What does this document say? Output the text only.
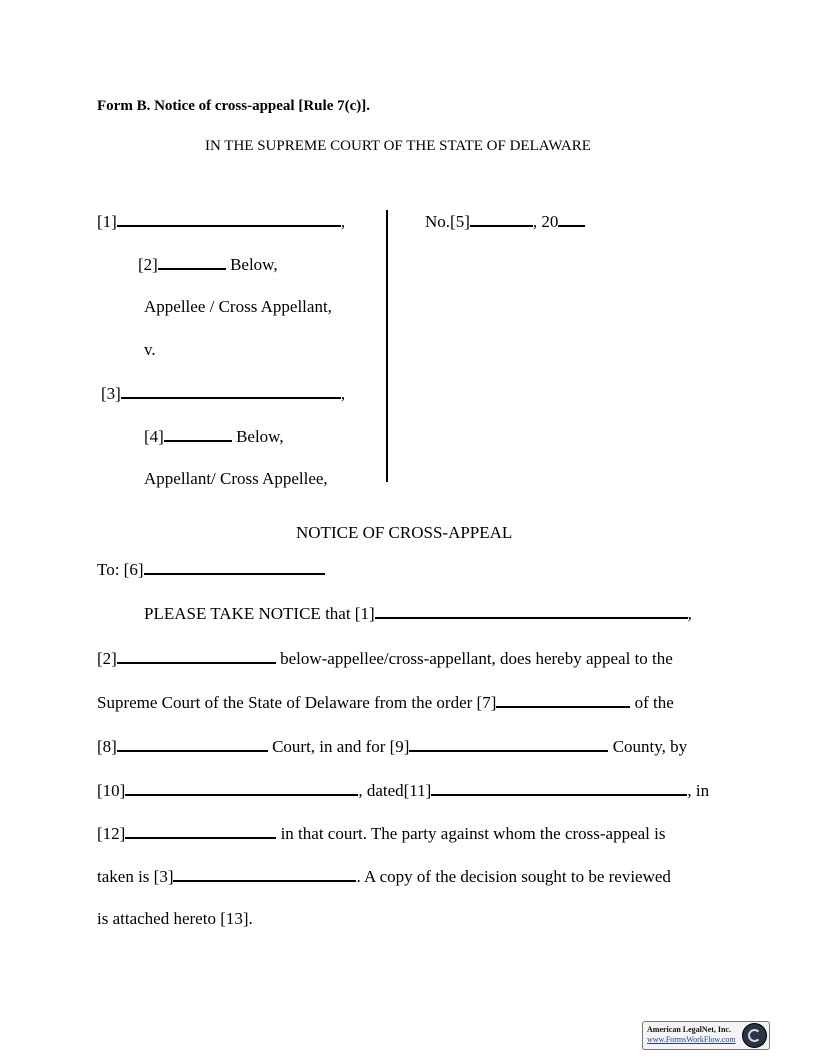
Form B. Notice of cross-appeal [Rule 7(c)].
IN THE SUPREME COURT OF THE STATE OF DELAWARE
[1]	,
[2]	Below,
Appellee / Cross Appellant,
v.
[3]	,
[4]	Below,
Appellant/ Cross Appellee,
No.[5]	, 20
NOTICE OF CROSS-APPEAL
To: [6]
PLEASE TAKE NOTICE that [1]	,
[2]	below-appellee/cross-appellant, does hereby appeal to the
Supreme Court of the State of Delaware from the order [7]	of the
[8]	Court, in and for [9]	County, by
[10]	, dated[11]	, in
[12]	in that court. The party against whom the cross-appeal is
taken is [3]	. A copy of the decision sought to be reviewed
is attached hereto [13].
American LegalNet, Inc.
www.FormsWorkFlow.com
